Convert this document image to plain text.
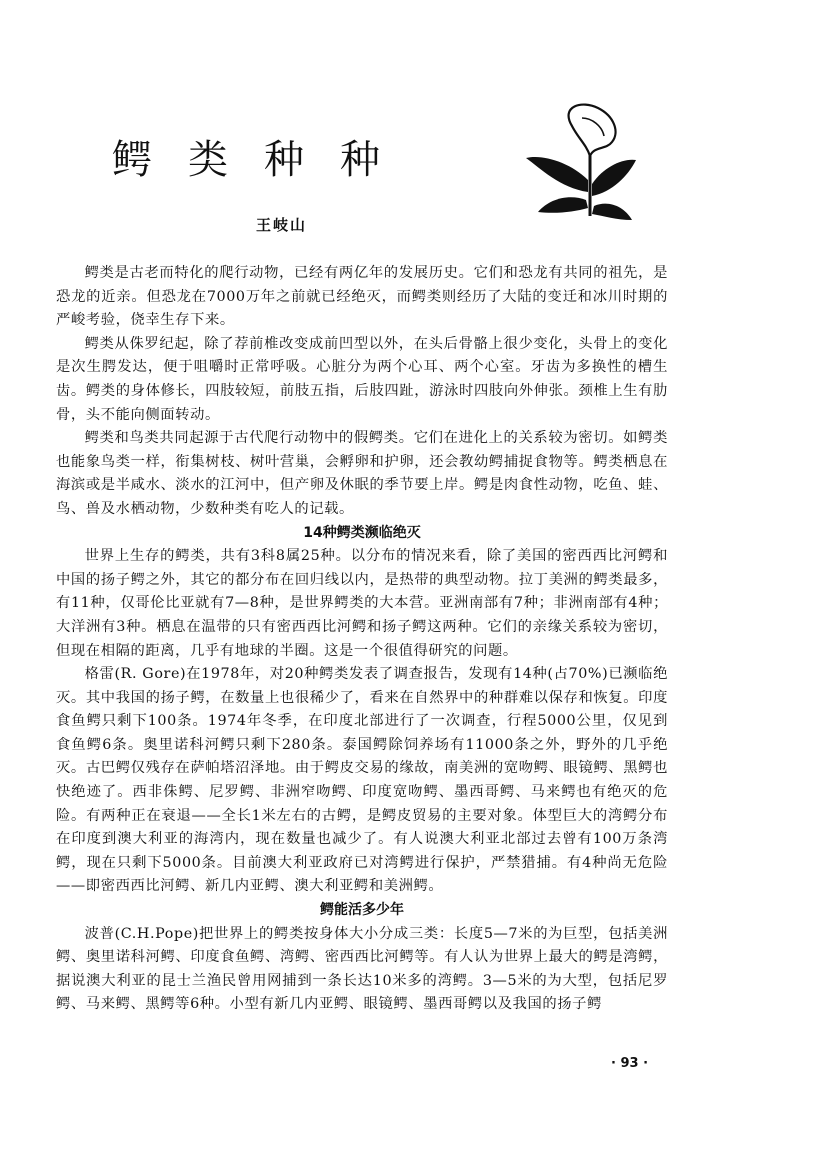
鳄类种种
王岐山

鳄类是古老而特化的爬行动物，已经有两亿年的发展历史。它们和恐龙有共同的祖先，是恐龙的近亲。但恐龙在7000万年之前就已经绝灭，而鳄类则经历了大陆的变迁和冰川时期的严峻考验，侥幸生存下来。

鳄类从侏罗纪起，除了荐前椎改变成前凹型以外，在头后骨骼上很少变化，头骨上的变化是次生腭发达，便于咀嚼时正常呼吸。心脏分为两个心耳、两个心室。牙齿为多换性的槽生齿。鳄类的身体修长，四肢较短，前肢五指，后肢四趾，游泳时四肢向外伸张。颈椎上生有肋骨，头不能向侧面转动。

鳄类和鸟类共同起源于古代爬行动物中的假鳄类。它们在进化上的关系较为密切。如鳄类也能象鸟类一样，衔集树枝、树叶营巢，会孵卵和护卵，还会教幼鳄捕捉食物等。鳄类栖息在海滨或是半咸水、淡水的江河中，但产卵及休眠的季节要上岸。鳄是肉食性动物，吃鱼、蛙、鸟、兽及水栖动物，少数种类有吃人的记载。

14种鳄类濒临绝灭

世界上生存的鳄类，共有3科8属25种。以分布的情况来看，除了美国的密西西比河鳄和中国的扬子鳄之外，其它的都分布在回归线以内，是热带的典型动物。拉丁美洲的鳄类最多，有11种，仅哥伦比亚就有7—8种，是世界鳄类的大本营。亚洲南部有7种；非洲南部有4种；大洋洲有3种。栖息在温带的只有密西西比河鳄和扬子鳄这两种。它们的亲缘关系较为密切，但现在相隔的距离，几乎有地球的半圈。这是一个很值得研究的问题。

格雷(R. Gore)在1978年，对20种鳄类发表了调查报告，发现有14种(占70%)已濒临绝灭。其中我国的扬子鳄，在数量上也很稀少了，看来在自然界中的种群难以保存和恢复。印度食鱼鳄只剩下100条。1974年冬季，在印度北部进行了一次调查，行程5000公里，仅见到食鱼鳄6条。奥里诺科河鳄只剩下280条。泰国鳄除饲养场有11000条之外，野外的几乎绝灭。古巴鳄仅残存在萨帕塔沼泽地。由于鳄皮交易的缘故，南美洲的宽吻鳄、眼镜鳄、黑鳄也快绝迹了。西非侏鳄、尼罗鳄、非洲窄吻鳄、印度宽吻鳄、墨西哥鳄、马来鳄也有绝灭的危险。有两种正在衰退——全长1米左右的古鳄，是鳄皮贸易的主要对象。体型巨大的湾鳄分布在印度到澳大利亚的海湾内，现在数量也减少了。有人说澳大利亚北部过去曾有100万条湾鳄，现在只剩下5000条。目前澳大利亚政府已对湾鳄进行保护，严禁猎捕。有4种尚无危险——即密西西比河鳄、新几内亚鳄、澳大利亚鳄和美洲鳄。

鳄能活多少年

波普(C.H.Pope)把世界上的鳄类按身体大小分成三类：长度5—7米的为巨型，包括美洲鳄、奥里诺科河鳄、印度食鱼鳄、湾鳄、密西西比河鳄等。有人认为世界上最大的鳄是湾鳄，据说澳大利亚的昆士兰渔民曾用网捕到一条长达10米多的湾鳄。3—5米的为大型，包括尼罗鳄、马来鳄、黑鳄等6种。小型有新几内亚鳄、眼镜鳄、墨西哥鳄以及我国的扬子鳄

· 93 ·
